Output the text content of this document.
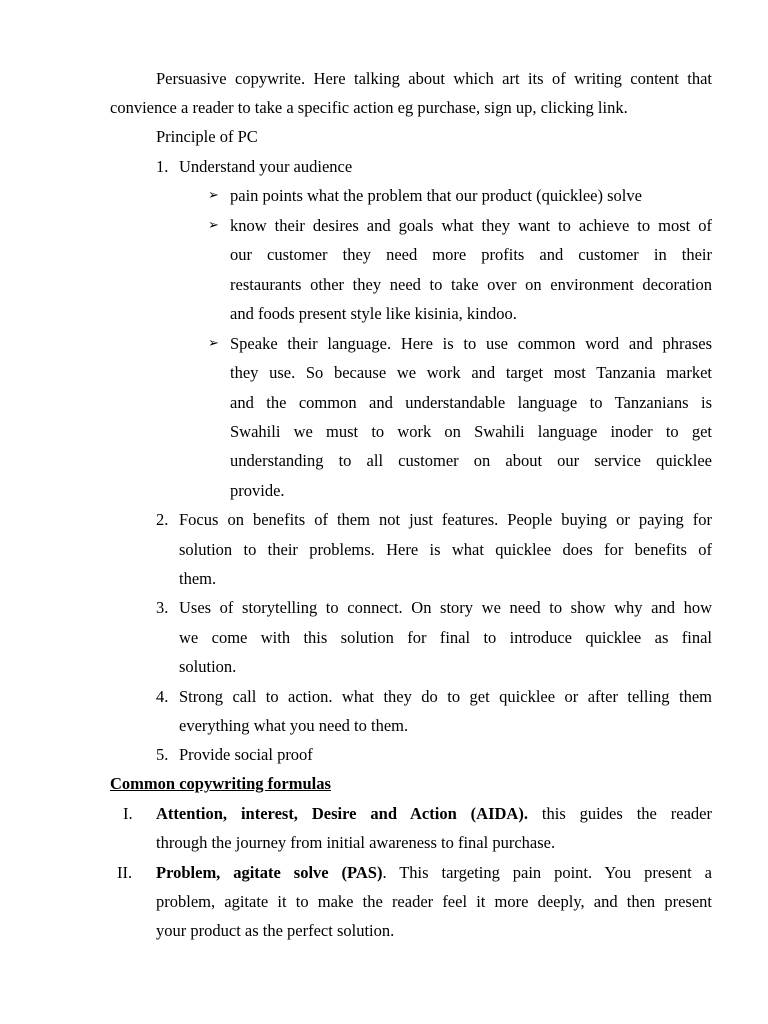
Persuasive copywrite. Here talking about which art its of writing content that
convience a reader to take a specific action eg purchase, sign up, clicking link.
Principle of PC
1. Understand your audience
➢ pain points what the problem that our product (quicklee) solve
➢ know their desires and goals what they want to achieve to most of
our customer they need more profits and customer in their
restaurants other they need to take over on environment decoration
and foods present style like kisinia, kindoo.
➢ Speake their language. Here is to use common word and phrases
they use. So because we work and target most Tanzania market
and the common and understandable language to Tanzanians is
Swahili we must to work on Swahili language inoder to get
understanding to all customer on about our service quicklee
provide.
2. Focus on benefits of them not just features. People buying or paying for
solution to their problems. Here is what quicklee does for benefits of
them.
3. Uses of storytelling to connect. On story we need to show why and how
we come with this solution for final to introduce quicklee as final
solution.
4. Strong call to action. what they do to get quicklee or after telling them
everything what you need to them.
5. Provide social proof
Common copywriting formulas
I. Attention, interest, Desire and Action (AIDA). this guides the reader
through the journey from initial awareness to final purchase.
II. Problem, agitate solve (PAS). This targeting pain point. You present a
problem, agitate it to make the reader feel it more deeply, and then present
your product as the perfect solution.
